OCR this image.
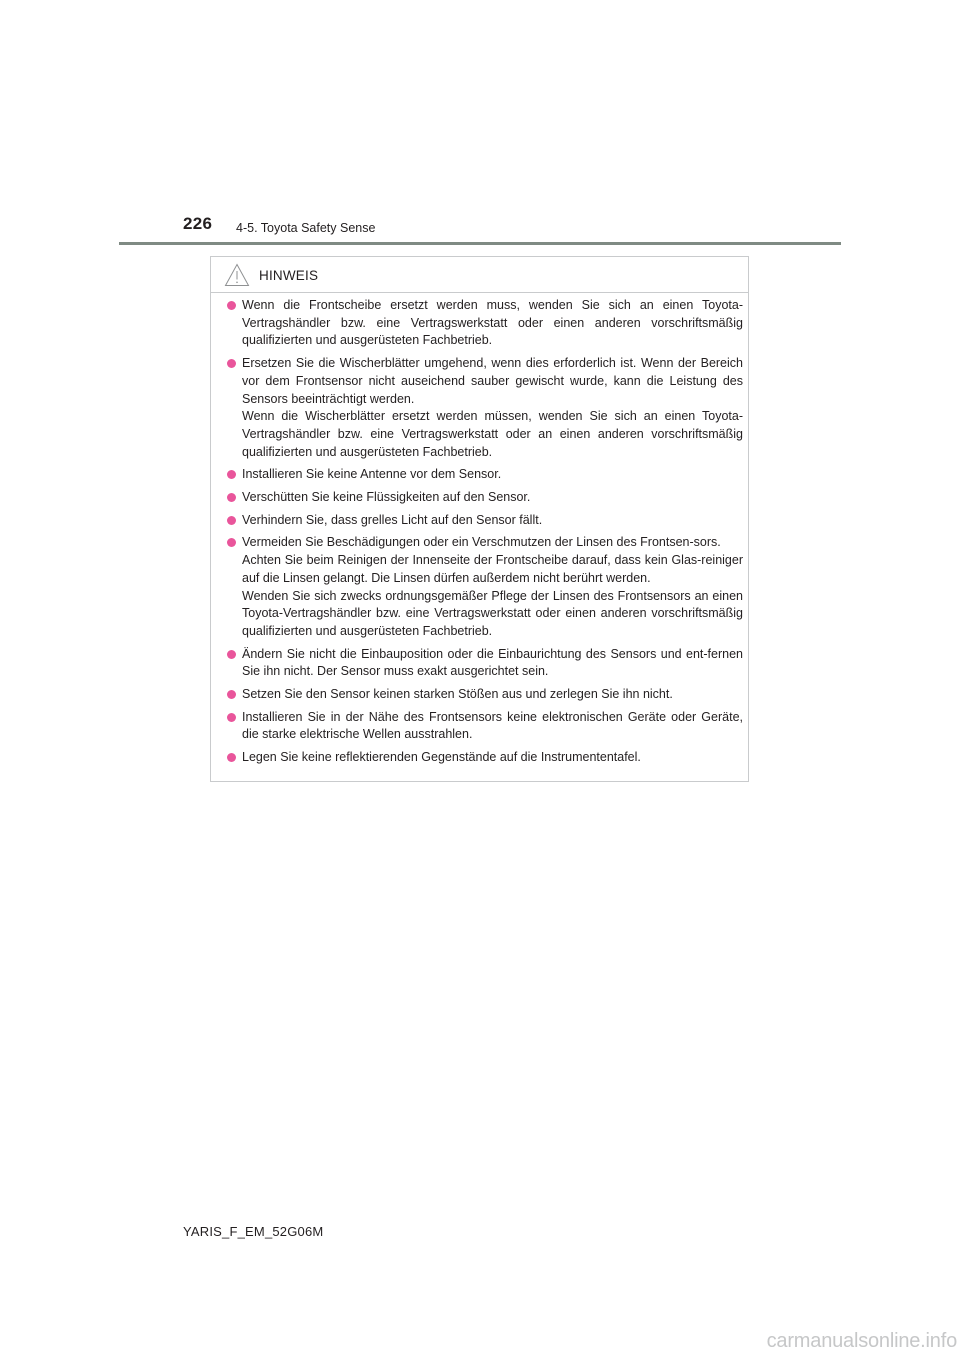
226 4-5. Toyota Safety Sense
HINWEIS
Wenn die Frontscheibe ersetzt werden muss, wenden Sie sich an einen Toyota-Vertragshändler bzw. eine Vertragswerkstatt oder einen anderen vorschriftsmäßig qualifizierten und ausgerüsteten Fachbetrieb.
Ersetzen Sie die Wischerblätter umgehend, wenn dies erforderlich ist. Wenn der Bereich vor dem Frontsensor nicht auseichend sauber gewischt wurde, kann die Leistung des Sensors beeinträchtigt werden.
Wenn die Wischerblätter ersetzt werden müssen, wenden Sie sich an einen Toyota-Vertragshändler bzw. eine Vertragswerkstatt oder an einen anderen vorschriftsmäßig qualifizierten und ausgerüsteten Fachbetrieb.
Installieren Sie keine Antenne vor dem Sensor.
Verschütten Sie keine Flüssigkeiten auf den Sensor.
Verhindern Sie, dass grelles Licht auf den Sensor fällt.
Vermeiden Sie Beschädigungen oder ein Verschmutzen der Linsen des Frontsen-sors.
Achten Sie beim Reinigen der Innenseite der Frontscheibe darauf, dass kein Glas-reiniger auf die Linsen gelangt. Die Linsen dürfen außerdem nicht berührt werden.
Wenden Sie sich zwecks ordnungsgemäßer Pflege der Linsen des Frontsensors an einen Toyota-Vertragshändler bzw. eine Vertragswerkstatt oder einen anderen vorschriftsmäßig qualifizierten und ausgerüsteten Fachbetrieb.
Ändern Sie nicht die Einbauposition oder die Einbaurichtung des Sensors und ent-fernen Sie ihn nicht. Der Sensor muss exakt ausgerichtet sein.
Setzen Sie den Sensor keinen starken Stößen aus und zerlegen Sie ihn nicht.
Installieren Sie in der Nähe des Frontsensors keine elektronischen Geräte oder Geräte, die starke elektrische Wellen ausstrahlen.
Legen Sie keine reflektierenden Gegenstände auf die Instrumententafel.
YARIS_F_EM_52G06M
carmanualsonline.info
